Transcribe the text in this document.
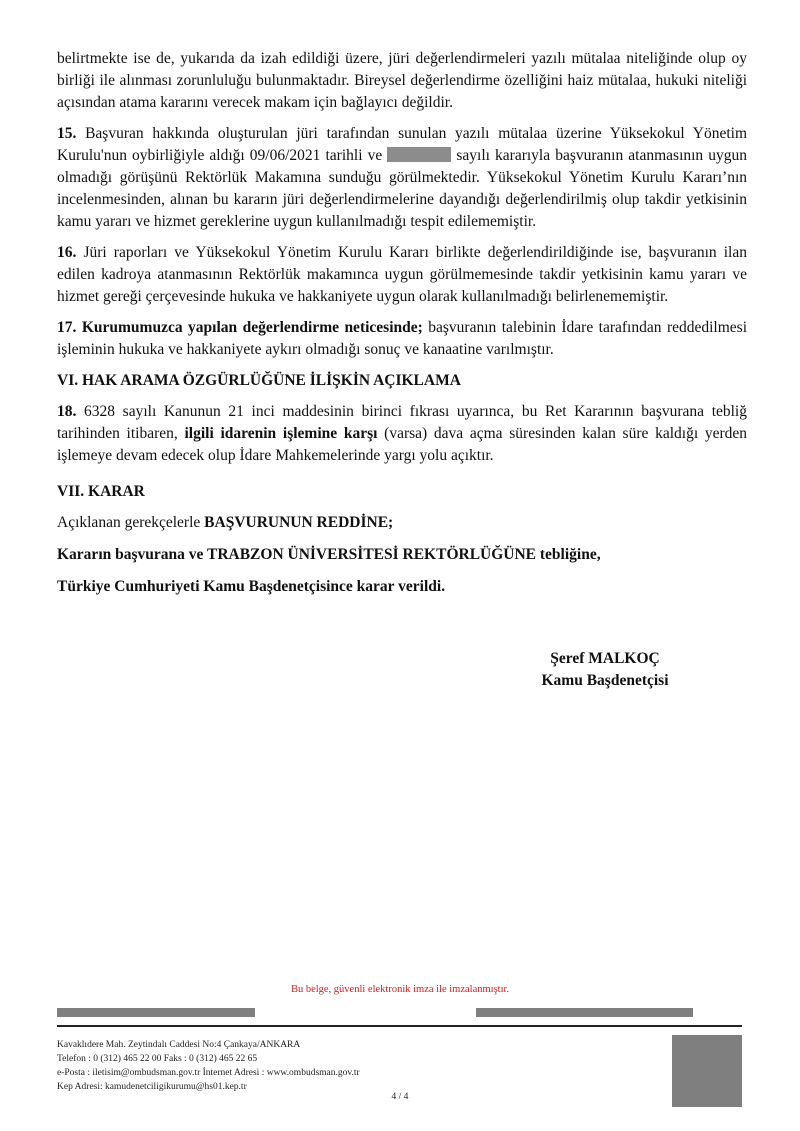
belirtmekte ise de, yukarıda da izah edildiği üzere, jüri değerlendirmeleri yazılı mütalaa niteliğinde olup oy birliği ile alınması zorunluluğu bulunmaktadır. Bireysel değerlendirme özelliğini haiz mütalaa, hukuki niteliği açısından atama kararını verecek makam için bağlayıcı değildir.

15. Başvuran hakkında oluşturulan jüri tarafından sunulan yazılı mütalaa üzerine Yüksekokul Yönetim Kurulu'nun oybirliğiyle aldığı 09/06/2021 tarihli ve	sayılı kararıyla başvuranın atanmasının uygun olmadığı görüşünü Rektörlük Makamına sunduğu görülmektedir. Yüksekokul Yönetim Kurulu Kararı’nın incelenmesinden, alınan bu kararın jüri değerlendirmelerine dayandığı değerlendirilmiş olup takdir yetkisinin kamu yararı ve hizmet gereklerine uygun kullanılmadığı tespit edilememiştir.

16. Jüri raporları ve Yüksekokul Yönetim Kurulu Kararı birlikte değerlendirildiğinde ise, başvuranın ilan edilen kadroya atanmasının Rektörlük makamınca uygun görülmemesinde takdir yetkisinin kamu yararı ve hizmet gereği çerçevesinde hukuka ve hakkaniyete uygun olarak kullanılmadığı belirlenememiştir.

17. Kurumumuzca yapılan değerlendirme neticesinde; başvuranın talebinin İdare tarafından reddedilmesi işleminin hukuka ve hakkaniyete aykırı olmadığı sonuç ve kanaatine varılmıştır.

VI. HAK ARAMA ÖZGÜRLÜĞÜNE İLİŞKİN AÇIKLAMA

18. 6328 sayılı Kanunun 21 inci maddesinin birinci fıkrası uyarınca, bu Ret Kararının başvurana tebliğ tarihinden itibaren, ilgili idarenin işlemine karşı (varsa) dava açma süresinden kalan süre kaldığı yerden işlemeye devam edecek olup İdare Mahkemelerinde yargı yolu açıktır.

VII. KARAR

Açıklanan gerekçelerle BAŞVURUNUN REDDİNE;

Kararın başvurana ve TRABZON ÜNİVERSİTESİ REKTÖRLÜĞÜNE tebliğine,

Türkiye Cumhuriyeti Kamu Başdenetçisince karar verildi.

Şeref MALKOÇ
Kamu Başdenetçisi
Bu belge, güvenli elektronik imza ile imzalanmıştır.
Kavaklıdere Mah. Zeytindalı Caddesi No:4 Çankaya/ANKARA
Telefon : 0 (312) 465 22 00 Faks : 0 (312) 465 22 65
e-Posta : iletisim@ombudsman.gov.tr İnternet Adresi : www.ombudsman.gov.tr
Kep Adresi: kamudenetciligikurumu@hs01.kep.tr
4 / 4
